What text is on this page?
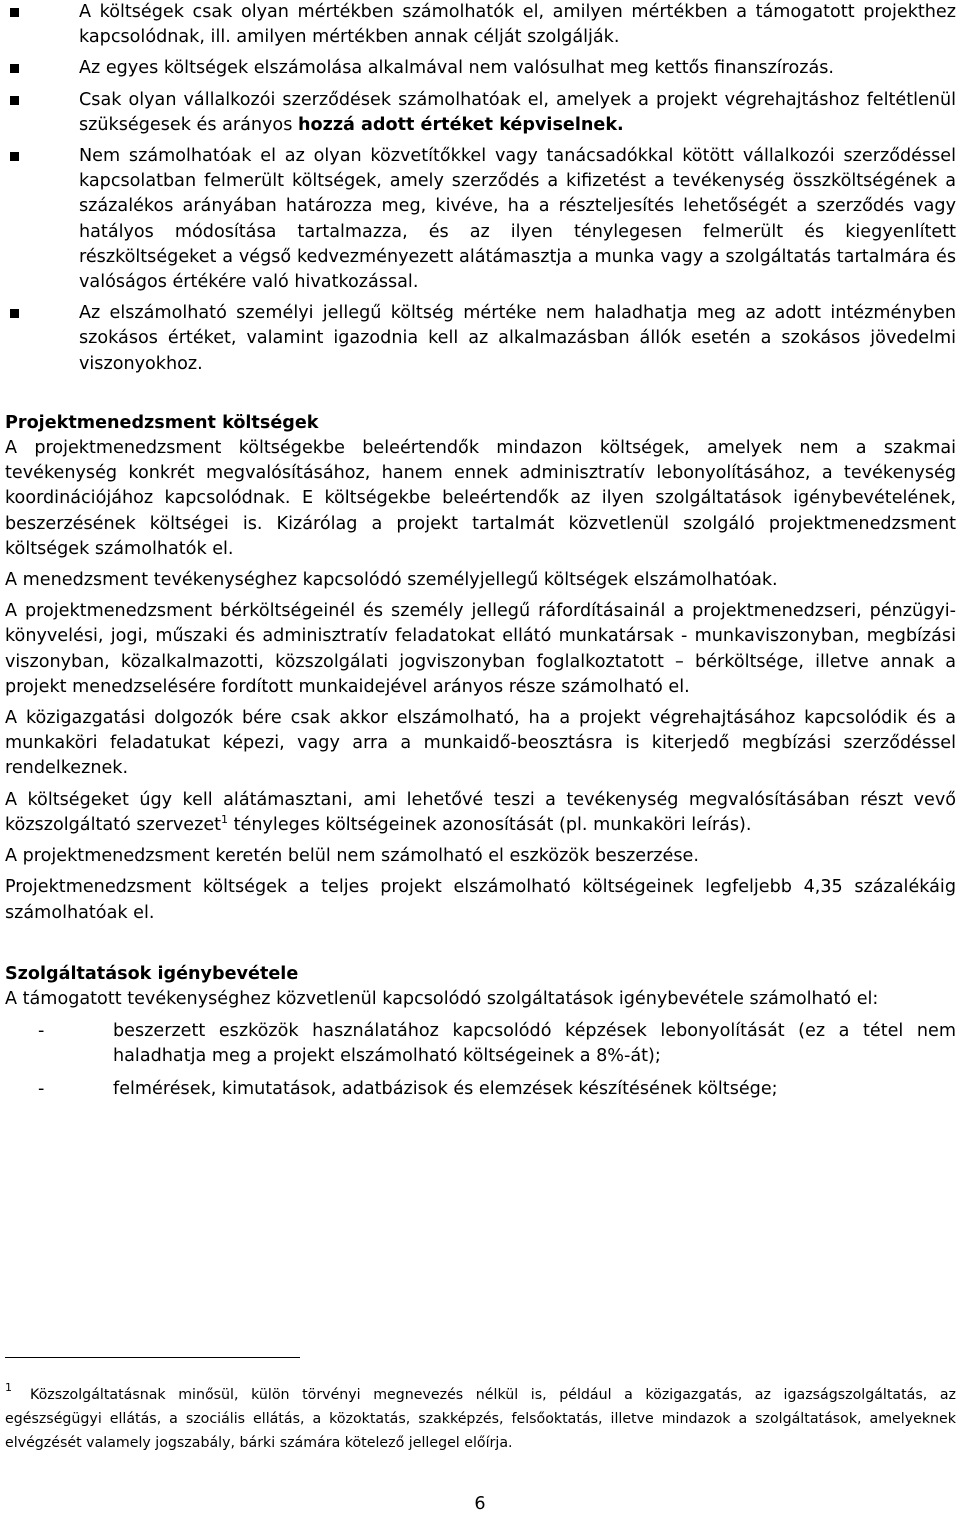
A költségek csak olyan mértékben számolhatók el, amilyen mértékben a támogatott projekthez kapcsolódnak, ill. amilyen mértékben annak célját szolgálják.
Az egyes költségek elszámolása alkalmával nem valósulhat meg kettős finanszírozás.
Csak olyan vállalkozói szerződések számolhatóak el, amelyek a projekt végrehajtáshoz feltétlenül szükségesek és arányos hozzá adott értéket képviselnek.
Nem számolhatóak el az olyan közvetítőkkel vagy tanácsadókkal kötött vállalkozói szerződéssel kapcsolatban felmerült költségek, amely szerződés a kifizetést a tevékenység összköltségének a százalékos arányában határozza meg, kivéve, ha a részteljesítés lehetőségét a szerződés vagy hatályos módosítása tartalmazza, és az ilyen ténylegesen felmerült és kiegyenlített részköltségeket a végső kedvezményezett alátámasztja a munka vagy a szolgáltatás tartalmára és valóságos értékére való hivatkozással.
Az elszámolható személyi jellegű költség mértéke nem haladhatja meg az adott intézményben szokásos értéket, valamint igazodnia kell az alkalmazásban állók esetén a szokásos jövedelmi viszonyokhoz.
Projektmenedzsment költségek

A projektmenedzsment költségekbe beleértendők mindazon költségek, amelyek nem a szakmai tevékenység konkrét megvalósításához, hanem ennek adminisztratív lebonyolításához, a tevékenység koordinációjához kapcsolódnak. E költségekbe beleértendők az ilyen szolgáltatások igénybevételének, beszerzésének költségei is. Kizárólag a projekt tartalmát közvetlenül szolgáló projektmenedzsment költségek számolhatók el.

A menedzsment tevékenységhez kapcsolódó személyjellegű költségek elszámolhatóak.

A projektmenedzsment bérköltségeinél és személy jellegű ráfordításainál a projektmenedzseri, pénzügyi-könyvelési, jogi, műszaki és adminisztratív feladatokat ellátó munkatársak - munkaviszonyban, megbízási viszonyban, közalkalmazotti, közszolgálati jogviszonyban foglalkoztatott – bérköltsége, illetve annak a projekt menedzselésére fordított munkaidejével arányos része számolható el.

A közigazgatási dolgozók bére csak akkor elszámolható, ha a projekt végrehajtásához kapcsolódik és a munkaköri feladatukat képezi, vagy arra a munkaidő-beosztásra is kiterjedő megbízási szerződéssel rendelkeznek.

A költségeket úgy kell alátámasztani, ami lehetővé teszi a tevékenység megvalósításában részt vevő közszolgáltató szervezet$^1$ tényleges költségeinek azonosítását (pl. munkaköri leírás).

A projektmenedzsment keretén belül nem számolható el eszközök beszerzése.

Projektmenedzsment költségek a teljes projekt elszámolható költségeinek legfeljebb 4,35 százalékáig számolhatóak el.

Szolgáltatások igénybevétele

A támogatott tevékenységhez közvetlenül kapcsolódó szolgáltatások igénybevétele számolható el:

-	beszerzett eszközök használatához kapcsolódó képzések lebonyolítását (ez a tétel nem haladhatja meg a projekt elszámolható költségeinek a 8%-át);
-	felmérések, kimutatások, adatbázisok és elemzések készítésének költsége;
$^1$ Közszolgáltatásnak minősül, külön törvényi megnevezés nélkül is, például a közigazgatás, az igazságszolgáltatás, az egészségügyi ellátás, a szociális ellátás, a közoktatás, szakképzés, felsőoktatás, illetve mindazok a szolgáltatások, amelyeknek elvégzését valamely jogszabály, bárki számára kötelező jellegel előírja.
6
